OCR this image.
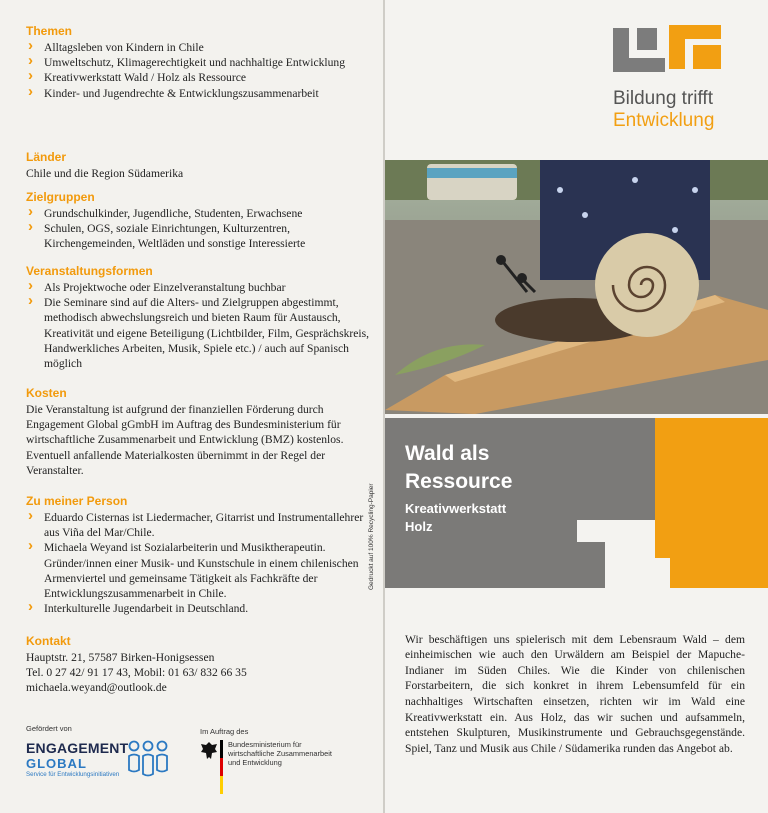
Themen
› Alltagsleben von Kindern in Chile
› Umweltschutz, Klimagerechtigkeit und nachhaltige Entwicklung
› Kreativwerkstatt Wald / Holz als Ressource
› Kinder- und Jugendrechte & Entwicklungszusammenarbeit
Länder

Chile und die Region Südamerika

Zielgruppen
› Grundschulkinder, Jugendliche, Studenten, Erwachsene
› Schulen, OGS, soziale Einrichtungen, Kulturzentren, Kirchengemeinden, Weltläden und sonstige Interessierte
Veranstaltungsformen
› Als Projektwoche oder Einzelveranstaltung buchbar
› Die Seminare sind auf die Alters- und Zielgruppen abgestimmt, methodisch abwechslungsreich und bieten Raum für Austausch, Kreativität und eigene Beteiligung (Lichtbilder, Film, Gesprächskreis, Handwerkliches Arbeiten, Musik, Spiele etc.) / auch auf Spanisch möglich
Kosten

Die Veranstaltung ist aufgrund der finanziellen Förderung durch Engagement Global gGmbH im Auftrag des Bundesministerium für wirtschaftliche Zusammenarbeit und Entwicklung (BMZ) kostenlos. Eventuell anfallende Materialkosten übernimmt in der Regel der Veranstalter.

Zu meiner Person
› Eduardo Cisternas ist Liedermacher, Gitarrist und Instrumentallehrer aus Viña del Mar/Chile.
› Michaela Weyand ist Sozialarbeiterin und Musiktherapeutin. Gründer/innen einer Musik- und Kunstschule in einem chilenischen Armenviertel und gemeinsame Tätigkeit als Fachkräfte der Entwicklungszusammenarbeit in Chile.
› Interkulturelle Jugendarbeit in Deutschland.
Kontakt

Hauptstr. 21, 57587 Birken-Honigsessen

Tel. 0 27 42/ 91 17 43, Mobil: 01 63/ 832 66 35

michaela.weyand@outlook.de

Gedruckt auf 100% Recycling-Papier
Gefördert von
ENGAGEMENT
GLOBAL
Service für Entwicklungsinitiativen
Im Auftrag des
Bundesministerium für
wirtschaftliche Zusammenarbeit
und Entwicklung
Bildung trifft
Entwicklung
Wald als
Ressource
Kreativwerkstatt
Holz

Wir beschäftigen uns spielerisch mit dem Lebensraum Wald – dem einheimischen wie auch den Urwäldern am Beispiel der Mapuche-Indianer im Süden Chiles. Wie die Kinder von chilenischen Forstarbeitern, die sich konkret in ihrem Lebensumfeld für ein nachhaltiges Wirtschaften einsetzen, richten wir im Wald eine Kreativwerkstatt ein. Aus Holz, das wir suchen und aufsammeln, entstehen Skulpturen, Musikinstrumente und Gebrauchsgegenstände. Spiel, Tanz und Musik aus Chile / Südamerika runden das Angebot ab.
